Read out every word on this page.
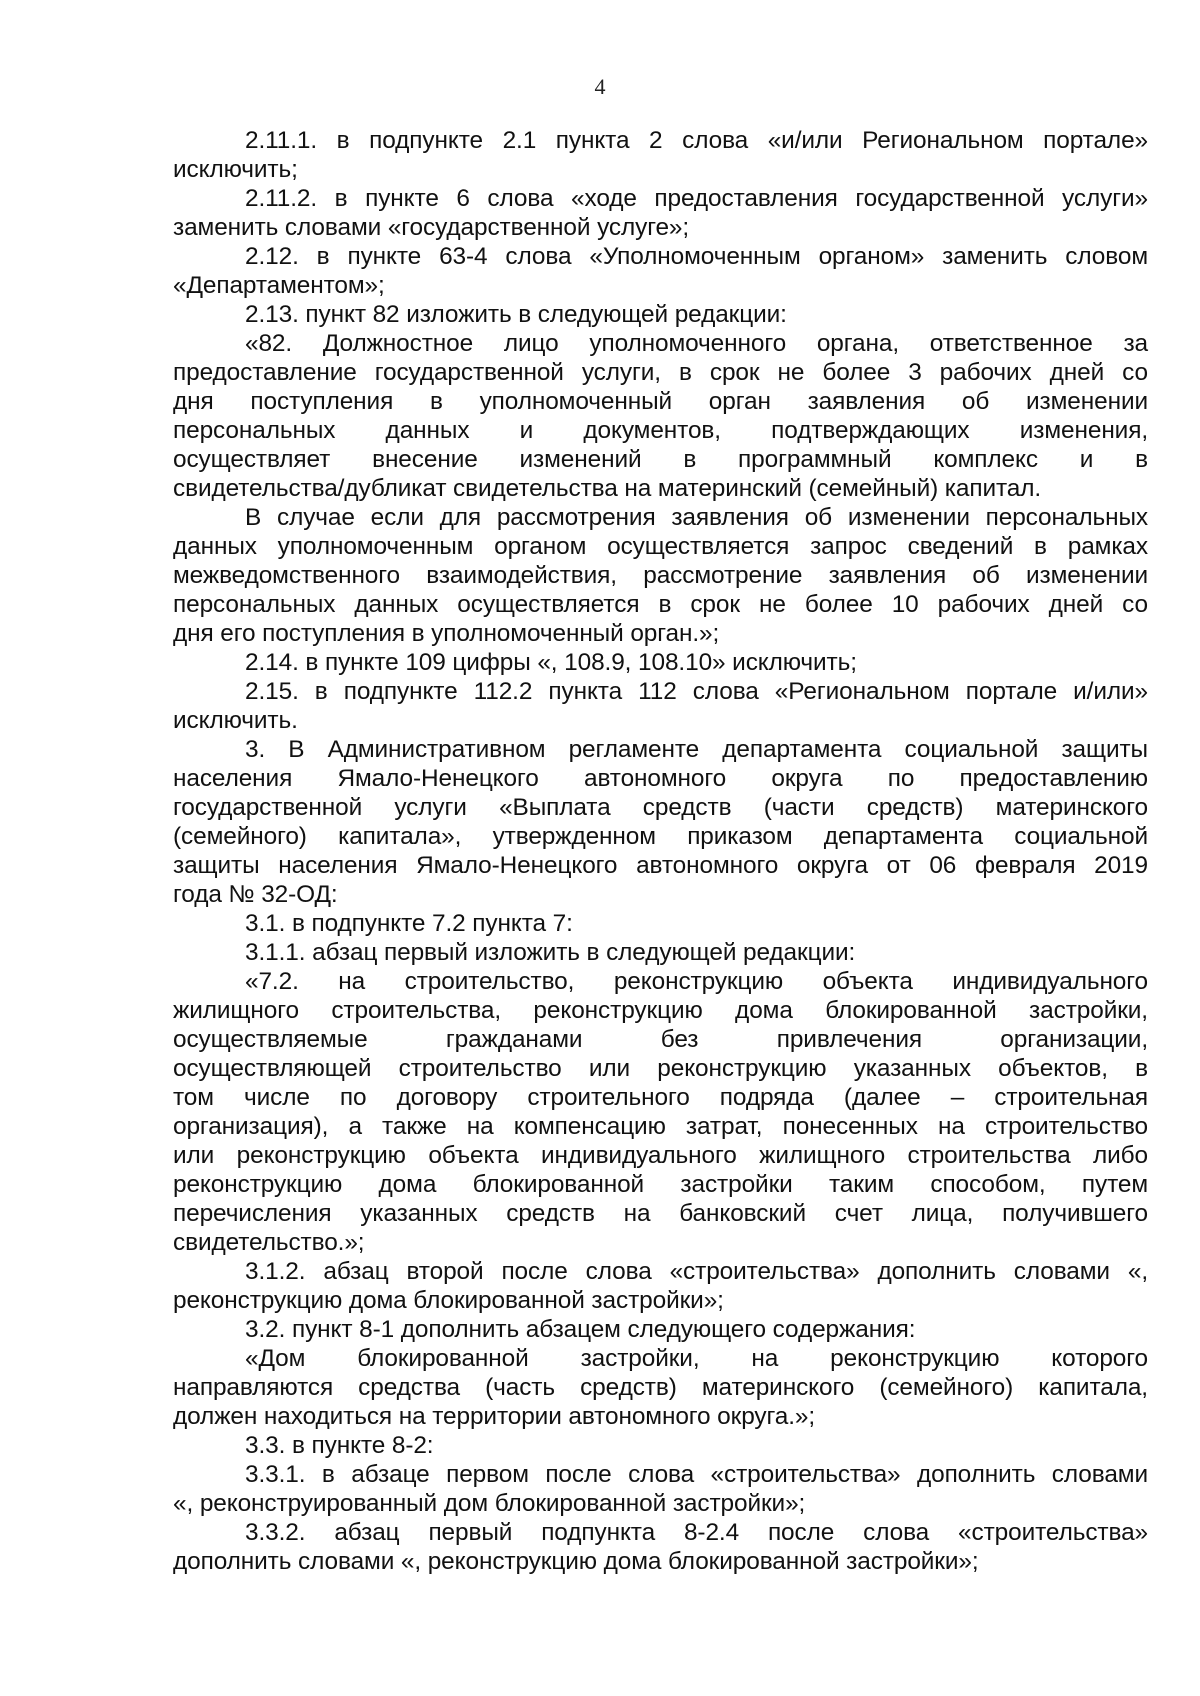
4
2.11.1. в подпункте 2.1 пункта 2 слова «и/или Региональном портале»
исключить;
2.11.2. в пункте 6 слова «ходе предоставления государственной услуги»
заменить словами «государственной услуге»;
2.12. в пункте 63-4 слова «Уполномоченным органом» заменить словом
«Департаментом»;
2.13. пункт 82 изложить в следующей редакции:
«82. Должностное лицо уполномоченного органа, ответственное за
предоставление государственной услуги, в срок не более 3 рабочих дней со
дня поступления в уполномоченный орган заявления об изменении
персональных данных и документов, подтверждающих изменения,
осуществляет внесение изменений в программный комплекс и в
свидетельства/дубликат свидетельства на материнский (семейный) капитал.
В случае если для рассмотрения заявления об изменении персональных
данных уполномоченным органом осуществляется запрос сведений в рамках
межведомственного взаимодействия, рассмотрение заявления об изменении
персональных данных осуществляется в срок не более 10 рабочих дней со
дня его поступления в уполномоченный орган.»;
2.14. в пункте 109 цифры «, 108.9, 108.10» исключить;
2.15. в подпункте 112.2 пункта 112 слова «Региональном портале и/или»
исключить.
3. В Административном регламенте департамента социальной защиты
населения Ямало-Ненецкого автономного округа по предоставлению
государственной услуги «Выплата средств (части средств) материнского
(семейного) капитала», утвержденном приказом департамента социальной
защиты населения Ямало-Ненецкого автономного округа от 06 февраля 2019
года № 32-ОД:
3.1. в подпункте 7.2 пункта 7:
3.1.1. абзац первый изложить в следующей редакции:
«7.2. на строительство, реконструкцию объекта индивидуального
жилищного строительства, реконструкцию дома блокированной застройки,
осуществляемые гражданами без привлечения организации,
осуществляющей строительство или реконструкцию указанных объектов, в
том числе по договору строительного подряда (далее – строительная
организация), а также на компенсацию затрат, понесенных на строительство
или реконструкцию объекта индивидуального жилищного строительства либо
реконструкцию дома блокированной застройки таким способом, путем
перечисления указанных средств на банковский счет лица, получившего
свидетельство.»;
3.1.2. абзац второй после слова «строительства» дополнить словами «,
реконструкцию дома блокированной застройки»;
3.2. пункт 8-1 дополнить абзацем следующего содержания:
«Дом блокированной застройки, на реконструкцию которого
направляются средства (часть средств) материнского (семейного) капитала,
должен находиться на территории автономного округа.»;
3.3. в пункте 8-2:
3.3.1. в абзаце первом после слова «строительства» дополнить словами
«, реконструированный дом блокированной застройки»;
3.3.2. абзац первый подпункта 8-2.4 после слова «строительства»
дополнить словами «, реконструкцию дома блокированной застройки»;
